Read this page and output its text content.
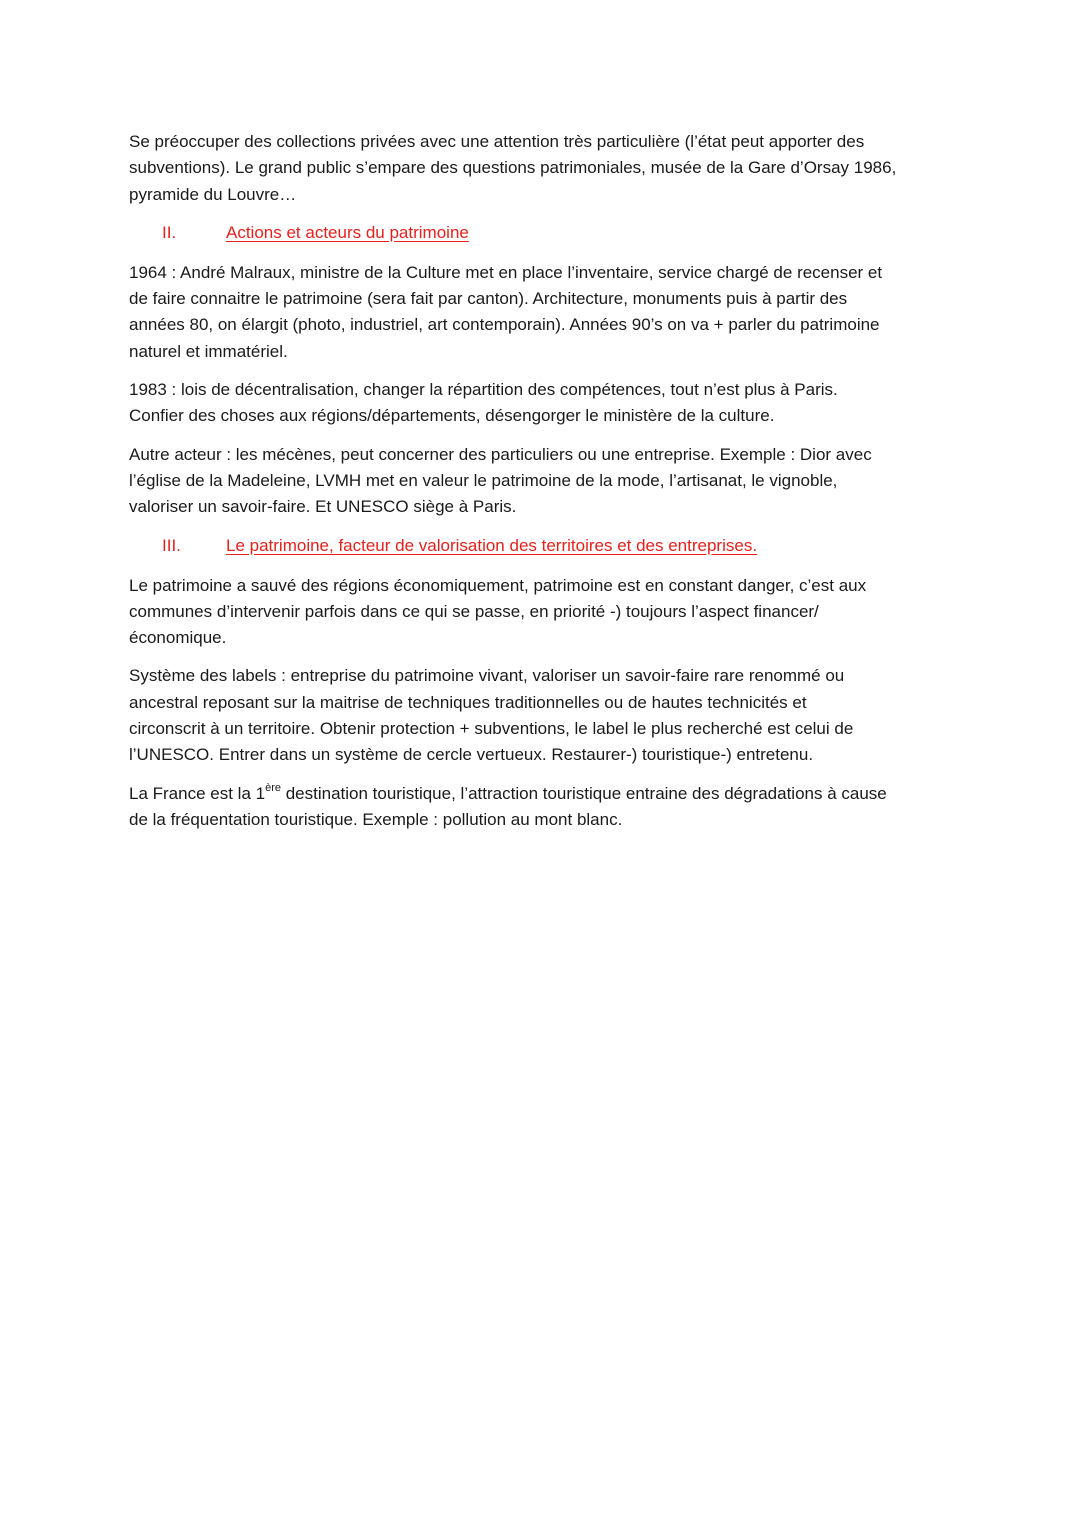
Se préoccuper des collections privées avec une attention très particulière (l’état peut apporter des
subventions). Le grand public s’empare des questions patrimoniales, musée de la Gare d’Orsay 1986,
pyramide du Louvre…

II.	Actions et acteurs du patrimoine

1964 : André Malraux, ministre de la Culture met en place l’inventaire, service chargé de recenser et
de faire connaitre le patrimoine (sera fait par canton). Architecture, monuments puis à partir des
années 80, on élargit (photo, industriel, art contemporain). Années 90’s on va + parler du patrimoine
naturel et immatériel.

1983 : lois de décentralisation, changer la répartition des compétences, tout n’est plus à Paris.
Confier des choses aux régions/départements, désengorger le ministère de la culture.

Autre acteur : les mécènes, peut concerner des particuliers ou une entreprise. Exemple : Dior avec
l’église de la Madeleine, LVMH met en valeur le patrimoine de la mode, l’artisanat, le vignoble,
valoriser un savoir-faire. Et UNESCO siège à Paris.

III.	Le patrimoine, facteur de valorisation des territoires et des entreprises.

Le patrimoine a sauvé des régions économiquement, patrimoine est en constant danger, c’est aux
communes d’intervenir parfois dans ce qui se passe, en priorité -) toujours l’aspect financer/
économique.

Système des labels : entreprise du patrimoine vivant, valoriser un savoir-faire rare renommé ou
ancestral reposant sur la maitrise de techniques traditionnelles ou de hautes technicités et
circonscrit à un territoire. Obtenir protection + subventions, le label le plus recherché est celui de
l’UNESCO. Entrer dans un système de cercle vertueux. Restaurer-) touristique-) entretenu.

La France est la 1ère destination touristique, l’attraction touristique entraine des dégradations à cause
de la fréquentation touristique. Exemple : pollution au mont blanc.
